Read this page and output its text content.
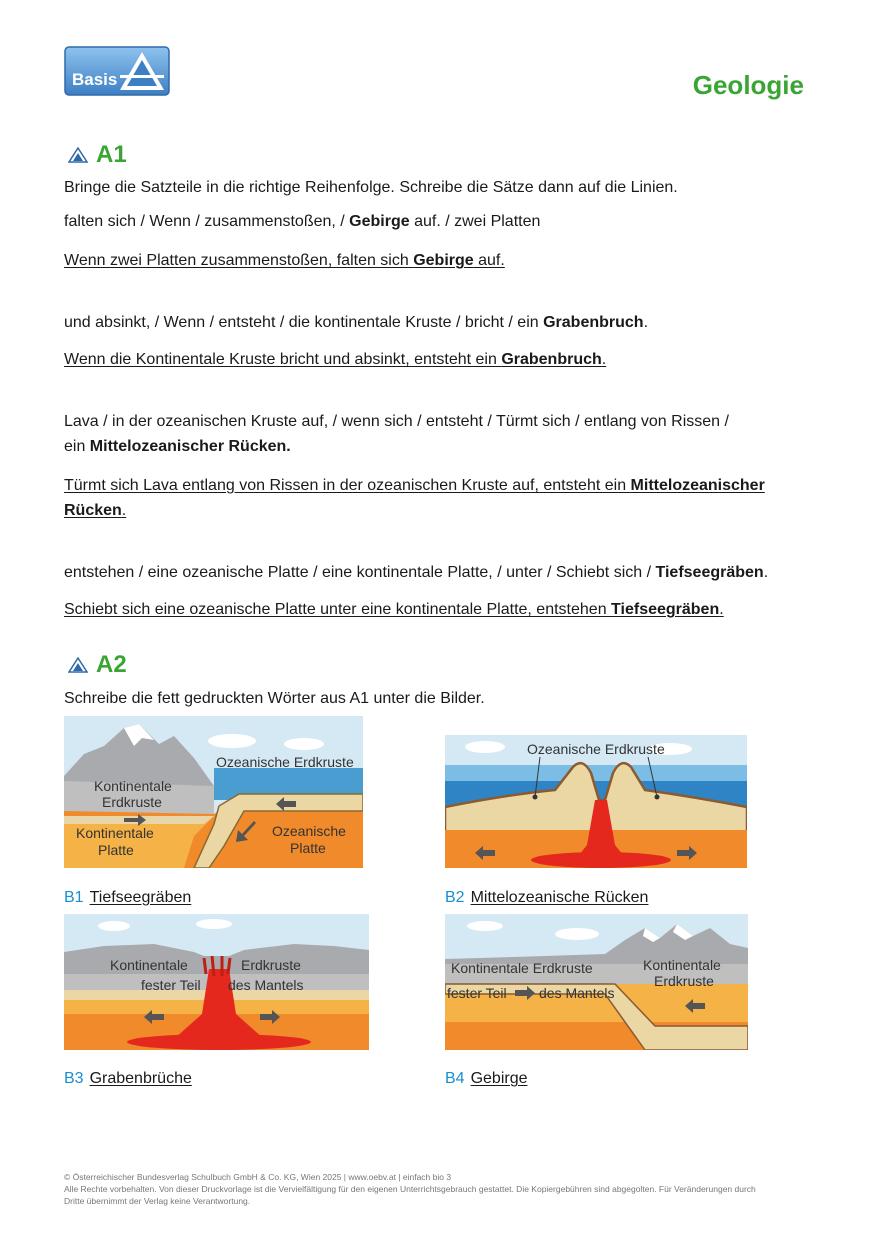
Basis	Geologie
A1
Bringe die Satzteile in die richtige Reihenfolge. Schreibe die Sätze dann auf die Linien.
falten sich / Wenn / zusammenstoßen, / Gebirge auf. / zwei Platten
Wenn zwei Platten zusammenstoßen, falten sich Gebirge auf.
und absinkt, / Wenn / entsteht / die kontinentale Kruste / bricht / ein Grabenbruch.
Wenn die Kontinentale Kruste bricht und absinkt, entsteht ein Grabenbruch.
Lava / in der ozeanischen Kruste auf, / wenn sich / entsteht / Türmt sich / entlang von Rissen /
ein Mittelozeanischer Rücken.
Türmt sich Lava entlang von Rissen in der ozeanischen Kruste auf, entsteht ein Mittelozeanischer
Rücken.
entstehen / eine ozeanische Platte / eine kontinentale Platte, / unter / Schiebt sich / Tiefseegräben.
Schiebt sich eine ozeanische Platte unter eine kontinentale Platte, entstehen Tiefseegräben.
A2
Schreibe die fett gedruckten Wörter aus A1 unter die Bilder.
Ozeanische Erdkruste
Kontinentale
Erdkruste
Kontinentale
Platte
Ozeanische
Platte
B1 Tiefseegräben
Ozeanische Erdkruste
B2 Mittelozeanische Rücken
Kontinentale	Erdkruste
fester Teil des Mantels
B3 Grabenbrüche
Kontinentale Erdkruste	Kontinentale
Erdkruste
fester Teil des Mantels
B4 Gebirge
© Österreichischer Bundesverlag Schulbuch GmbH & Co. KG, Wien 2025 | www.oebv.at | einfach bio 3
Alle Rechte vorbehalten. Von dieser Druckvorlage ist die Vervielfältigung für den eigenen Unterrichtsgebrauch gestattet. Die Kopiergebühren sind abgegolten. Für Veränderungen durch
Dritte übernimmt der Verlag keine Verantwortung.
